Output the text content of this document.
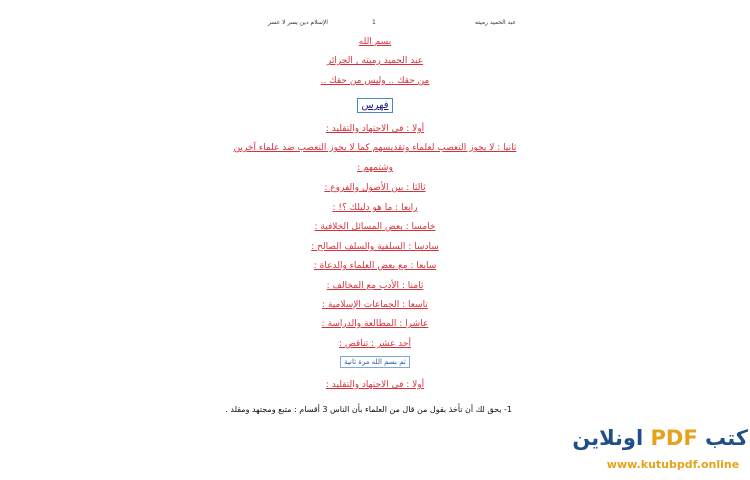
عبد الحميد رميته
1
الإسلام دين يسر لا عسر
بسم الله
عبد الحميد رميته , الجزائر
من حقك .. وليس من حقك ..
فهرس
أولا : في الاجتهاد والتقليد :
ثانيا : لا يجوز التعصب لعلماء وتقديسهم كما لا يجوز التعصب ضد علماء آخرين
وشتمهم :
ثالثا : بين الأصول والفروع :
رابعا : ما هو دليلك ؟! :
خامسا : بعض المسائل الخلافية :
سادسا : السلفية والسلف الصالح :
سابعا : مع بعض العلماء والدعاة :
ثامنا : الأدب مع المخالف :
تاسعا : الجماعات الإسلامية :
عاشرا : المطالعة والدراسة :
أحد عشر : تناقض :
ثم بسم الله مرة ثانية
أولا : في الاجتهاد والتقليد :
1- يحق لك أن تأخذ بقول من قال من العلماء بأن الناس 3 أقسام : متبع ومجتهد ومقلد .
كتب PDF اونلاين
www.kutubpdf.online
